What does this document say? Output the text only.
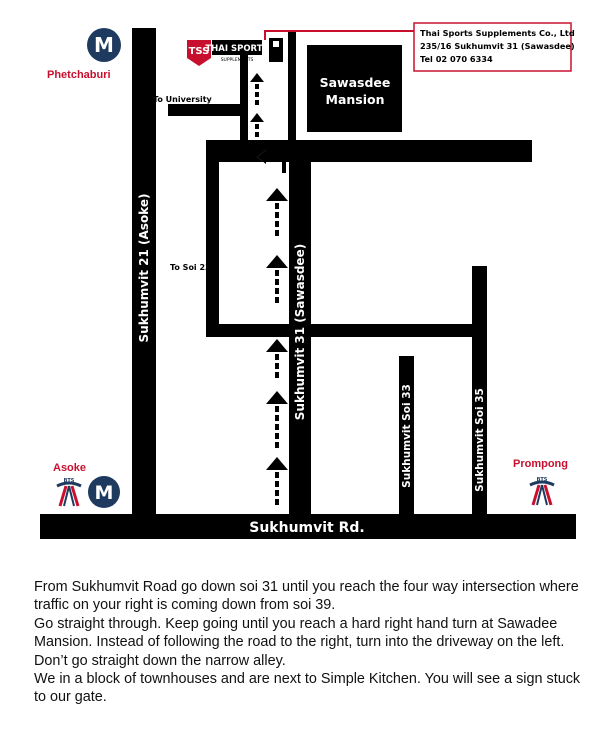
Thai Sports Supplements Co., Ltd
235/16 Sukhumvit 31 (Sawasdee)
Tel 02 070 6334
TSS
THAI SPORTS
SUPPLEMENTS
Sawasdee
Mansion
To University
To Soi 23
Sukhumvit 21 (Asoke)	Sukhumvit 31 (Sawasdee)
Sukhumvit Soi 33	Sukhumvit Soi 35
Sukhumvit Rd.
M
Phetchaburi
Asoke
BTS
M
Prompong
BTS

From Sukhumvit Road go down soi 31 until you reach the four way intersection where traffic on your right is coming down from soi 39.

Go straight through. Keep going until you reach a hard right hand turn at Sawadee Mansion. Instead of following the road to the right, turn into the driveway on the left. Don’t go straight down the narrow alley.

We in a block of townhouses and are next to Simple Kitchen. You will see a sign stuck to our gate.
